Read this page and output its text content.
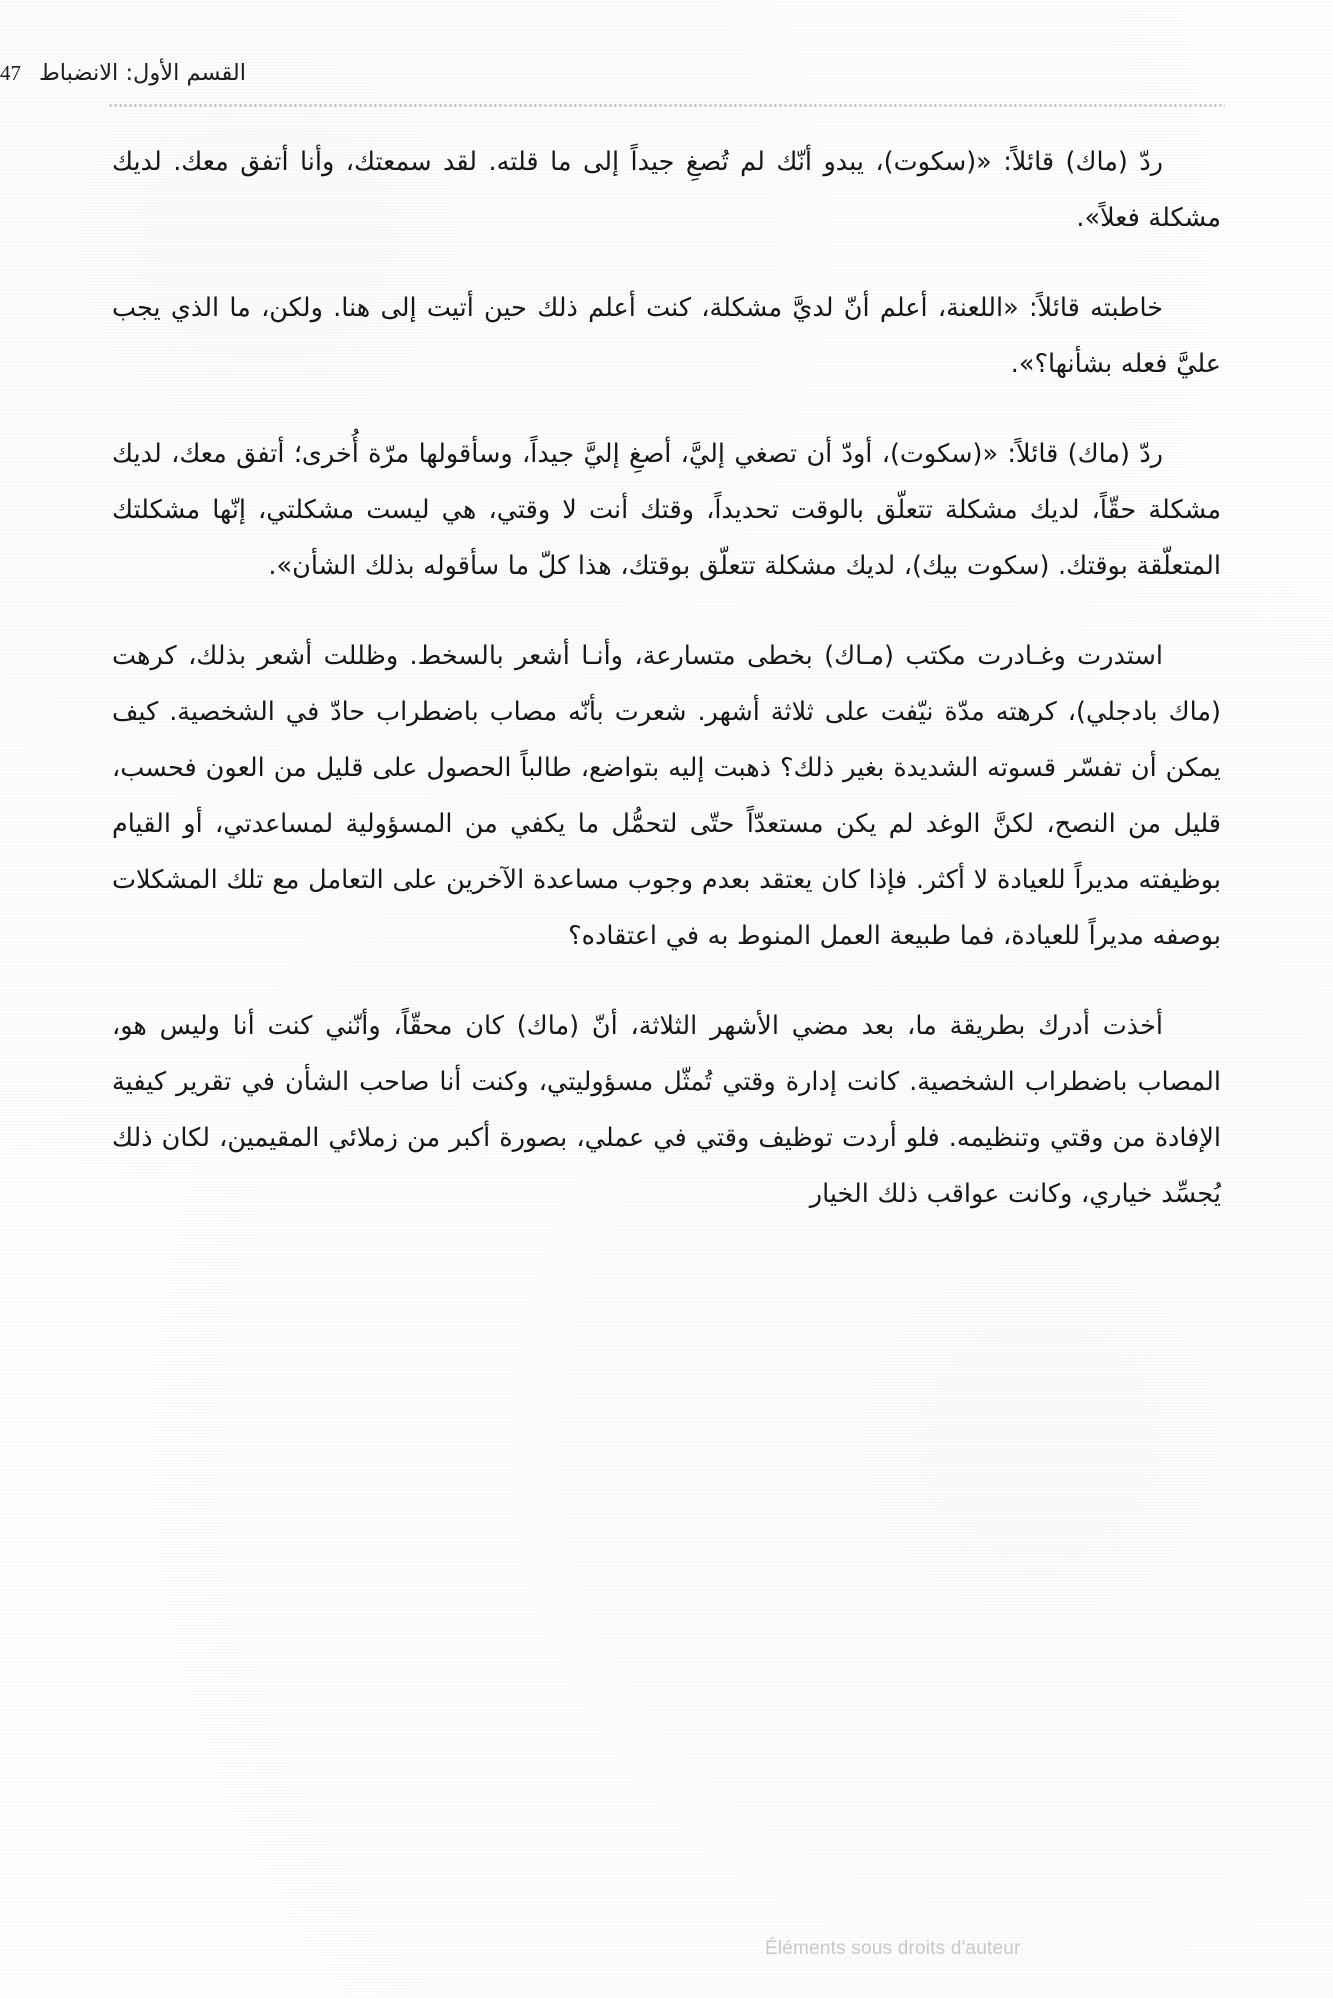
القسم الأول: الانضباط
47

ردّ (ماك) قائلاً: «(سكوت)، يبدو أنّك لم تُصغِ جيداً إلى ما قلته. لقد سمعتك، وأنا أتفق معك. لديك مشكلة فعلاً».

خاطبته قائلاً: «اللعنة، أعلم أنّ لديَّ مشكلة، كنت أعلم ذلك حين أتيت إلى هنا. ولكن، ما الذي يجب عليَّ فعله بشأنها؟».

ردّ (ماك) قائلاً: «(سكوت)، أودّ أن تصغي إليَّ، أصغِ إليَّ جيداً، وسأقولها مرّة أُخرى؛ أتفق معك، لديك مشكلة حقّاً، لديك مشكلة تتعلّق بالوقت تحديداً، وقتك أنت لا وقتي، هي ليست مشكلتي، إنّها مشكلتك المتعلّقة بوقتك. (سكوت بيك)، لديك مشكلة تتعلّق بوقتك، هذا كلّ ما سأقوله بذلك الشأن».

استدرت وغـادرت مكتب (مـاك) بخطى متسارعة، وأنـا أشعر بالسخط. وظللت أشعر بذلك، كرهت (ماك بادجلي)، كرهته مدّة نيّفت على ثلاثة أشهر. شعرت بأنّه مصاب باضطراب حادّ في الشخصية. كيف يمكن أن تفسّر قسوته الشديدة بغير ذلك؟ ذهبت إليه بتواضع، طالباً الحصول على قليل من العون فحسب، قليل من النصح، لكنَّ الوغد لم يكن مستعدّاً حتّى لتحمُّل ما يكفي من المسؤولية لمساعدتي، أو القيام بوظيفته مديراً للعيادة لا أكثر. فإذا كان يعتقد بعدم وجوب مساعدة الآخرين على التعامل مع تلك المشكلات بوصفه مديراً للعيادة، فما طبيعة العمل المنوط به في اعتقاده؟

أخذت أدرك بطريقة ما، بعد مضي الأشهر الثلاثة، أنّ (ماك) كان محقّاً، وأنّني كنت أنا وليس هو، المصاب باضطراب الشخصية. كانت إدارة وقتي تُمثّل مسؤوليتي، وكنت أنا صاحب الشأن في تقرير كيفية الإفادة من وقتي وتنظيمه. فلو أردت توظيف وقتي في عملي، بصورة أكبر من زملائي المقيمين، لكان ذلك يُجسِّد خياري، وكانت عواقب ذلك الخيار

Éléments sous droits d'auteur
